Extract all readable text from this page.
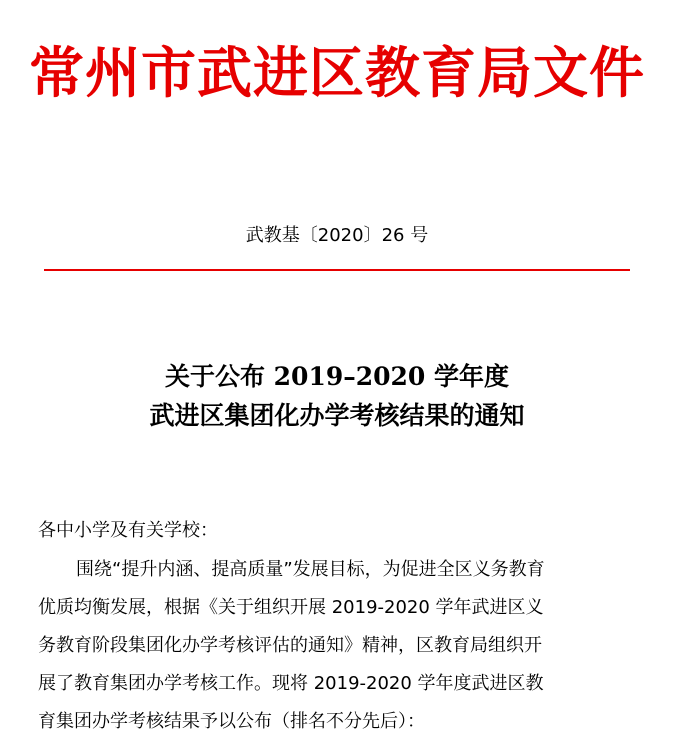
常州市武进区教育局文件
武教基〔2020〕26 号
关于公布 2019–2020 学年度
武进区集团化办学考核结果的通知
各中小学及有关学校：
围绕“提升内涵、提高质量”发展目标，为促进全区义务教育
优质均衡发展，根据《关于组织开展 2019-2020 学年武进区义
务教育阶段集团化办学考核评估的通知》精神，区教育局组织开
展了教育集团办学考核工作。现将 2019-2020 学年度武进区教
育集团办学考核结果予以公布（排名不分先后）：
